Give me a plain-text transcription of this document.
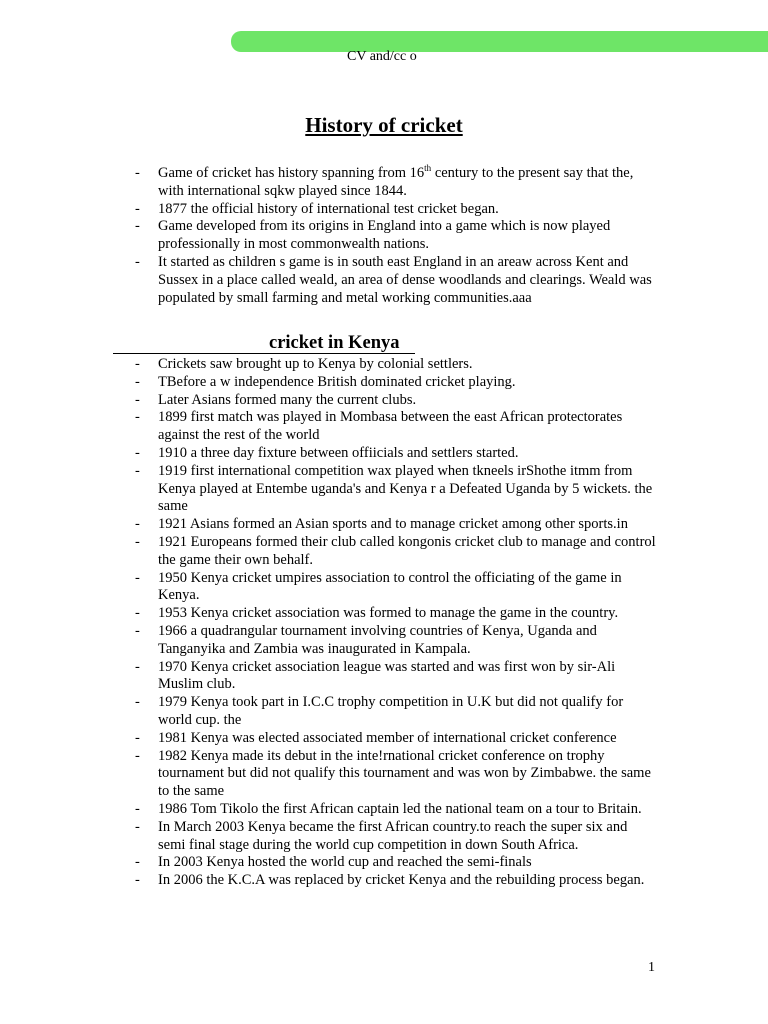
CV and/cc o
History of cricket
- Game of cricket has history spanning from 16th century to the present say that the, with international sqkw played since 1844.
- 1877 the official history of international test cricket began.
- Game developed from its origins in England into a game which is now played professionally in most commonwealth nations.
- It started as children s game is in south east England in an areaw across Kent and Sussex in a place called weald, an area of dense woodlands and clearings. Weald was populated by small farming and metal working communities.aaa
cricket in Kenya
- Crickets saw brought up to Kenya by colonial settlers.
- TBefore a w independence British dominated cricket playing.
- Later Asians formed many the current clubs.
- 1899 first match was played in Mombasa between the east African protectorates against the rest of the world
- 1910 a three day fixture between offiicials and settlers started.
- 1919 first international competition wax played when tkneels irShothe itmm from Kenya played at Entembe uganda's and Kenya r a Defeated Uganda by 5 wickets. the same
- 1921 Asians formed an Asian sports and to manage cricket among other sports.in
- 1921 Europeans formed their club called kongonis cricket club to manage and control the game their own behalf.
- 1950 Kenya cricket umpires association to control the officiating of the game in Kenya.
- 1953 Kenya cricket association was formed to manage the game in the country.
- 1966 a quadrangular tournament involving countries of Kenya, Uganda and Tanganyika and Zambia was inaugurated in Kampala.
- 1970 Kenya cricket association league was started and was first won by sir-Ali Muslim club.
- 1979 Kenya took part in I.C.C trophy competition in U.K but did not qualify for world cup. the
- 1981 Kenya was elected associated member of international cricket conference
- 1982 Kenya made its debut in the inte!rnational cricket conference on trophy tournament but did not qualify this tournament and was won by Zimbabwe. the same to the same
- 1986 Tom Tikolo the first African captain led the national team on a tour to Britain.
- In March 2003 Kenya became the first African country.to reach the super six and semi final stage during the world cup competition in down South Africa.
- In 2003 Kenya hosted the world cup and reached the semi-finals
- In 2006 the K.C.A was replaced by cricket Kenya and the rebuilding process began.
1
